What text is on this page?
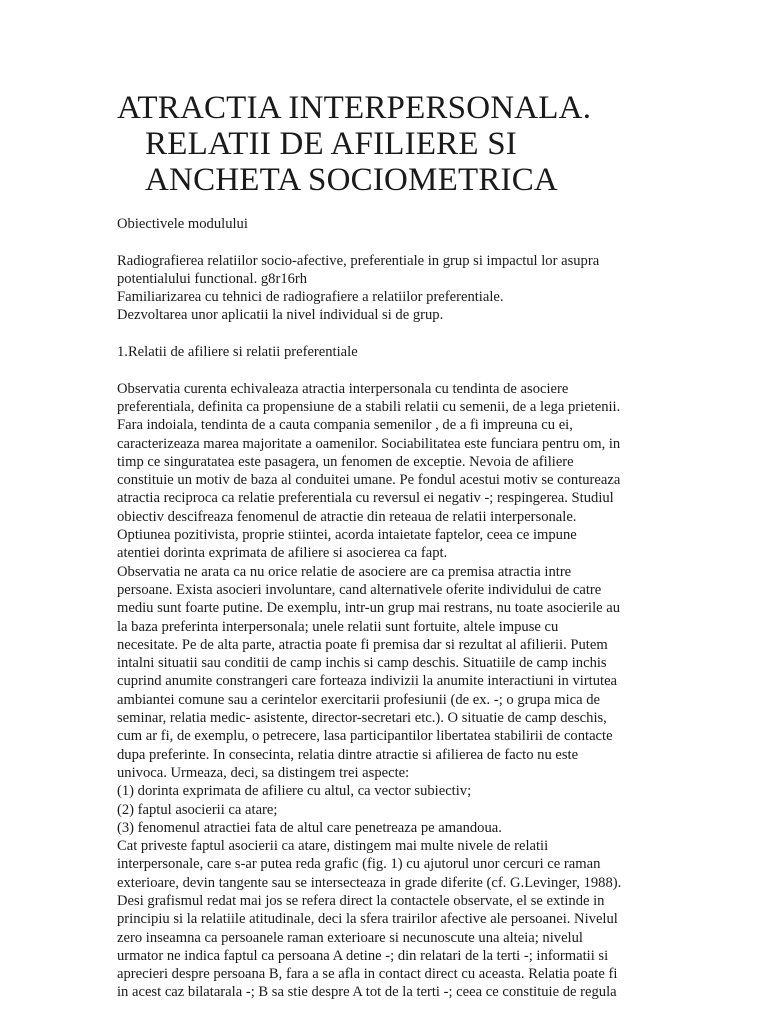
ATRACTIA INTERPERSONALA.
RELATII DE AFILIERE SI
ANCHETA SOCIOMETRICA

Obiectivele modulului

Radiografierea relatiilor socio-afective, preferentiale in grup si impactul lor asupra
potentialului functional. g8r16rh
Familiarizarea cu tehnici de radiografiere a relatiilor preferentiale.
Dezvoltarea unor aplicatii la nivel individual si de grup.

1.Relatii de afiliere si relatii preferentiale

Observatia curenta echivaleaza atractia interpersonala cu tendinta de asociere
preferentiala, definita ca propensiune de a stabili relatii cu semenii, de a lega prietenii.
Fara indoiala, tendinta de a cauta compania semenilor , de a fi impreuna cu ei,
caracterizeaza marea majoritate a oamenilor. Sociabilitatea este funciara pentru om, in
timp ce singuratatea este pasagera, un fenomen de exceptie. Nevoia de afiliere
constituie un motiv de baza al conduitei umane. Pe fondul acestui motiv se contureaza
atractia reciproca ca relatie preferentiala cu reversul ei negativ -; respingerea. Studiul
obiectiv descifreaza fenomenul de atractie din reteaua de relatii interpersonale.
Optiunea pozitivista, proprie stiintei, acorda intaietate faptelor, ceea ce impune
atentiei dorinta exprimata de afiliere si asocierea ca fapt.
Observatia ne arata ca nu orice relatie de asociere are ca premisa atractia intre
persoane. Exista asocieri involuntare, cand alternativele oferite individului de catre
mediu sunt foarte putine. De exemplu, intr-un grup mai restrans, nu toate asocierile au
la baza preferinta interpersonala; unele relatii sunt fortuite, altele impuse cu
necesitate. Pe de alta parte, atractia poate fi premisa dar si rezultat al afilierii. Putem
intalni situatii sau conditii de camp inchis si camp deschis. Situatiile de camp inchis
cuprind anumite constrangeri care forteaza indivizii la anumite interactiuni in virtutea
ambiantei comune sau a cerintelor exercitarii profesiunii (de ex. -; o grupa mica de
seminar, relatia medic- asistente, director-secretari etc.). O situatie de camp deschis,
cum ar fi, de exemplu, o petrecere, lasa participantilor libertatea stabilirii de contacte
dupa preferinte. In consecinta, relatia dintre atractie si afilierea de facto nu este
univoca. Urmeaza, deci, sa distingem trei aspecte:
(1) dorinta exprimata de afiliere cu altul, ca vector subiectiv;
(2) faptul asocierii ca atare;
(3) fenomenul atractiei fata de altul care penetreaza pe amandoua.
Cat priveste faptul asocierii ca atare, distingem mai multe nivele de relatii
interpersonale, care s-ar putea reda grafic (fig. 1) cu ajutorul unor cercuri ce raman
exterioare, devin tangente sau se intersecteaza in grade diferite (cf. G.Levinger, 1988).
Desi grafismul redat mai jos se refera direct la contactele observate, el se extinde in
principiu si la relatiile atitudinale, deci la sfera trairilor afective ale persoanei. Nivelul
zero inseamna ca persoanele raman exterioare si necunoscute una alteia; nivelul
urmator ne indica faptul ca persoana A detine -; din relatari de la terti -; informatii si
aprecieri despre persoana B, fara a se afla in contact direct cu aceasta. Relatia poate fi
in acest caz bilatarala -; B sa stie despre A tot de la terti -; ceea ce constituie de regula
